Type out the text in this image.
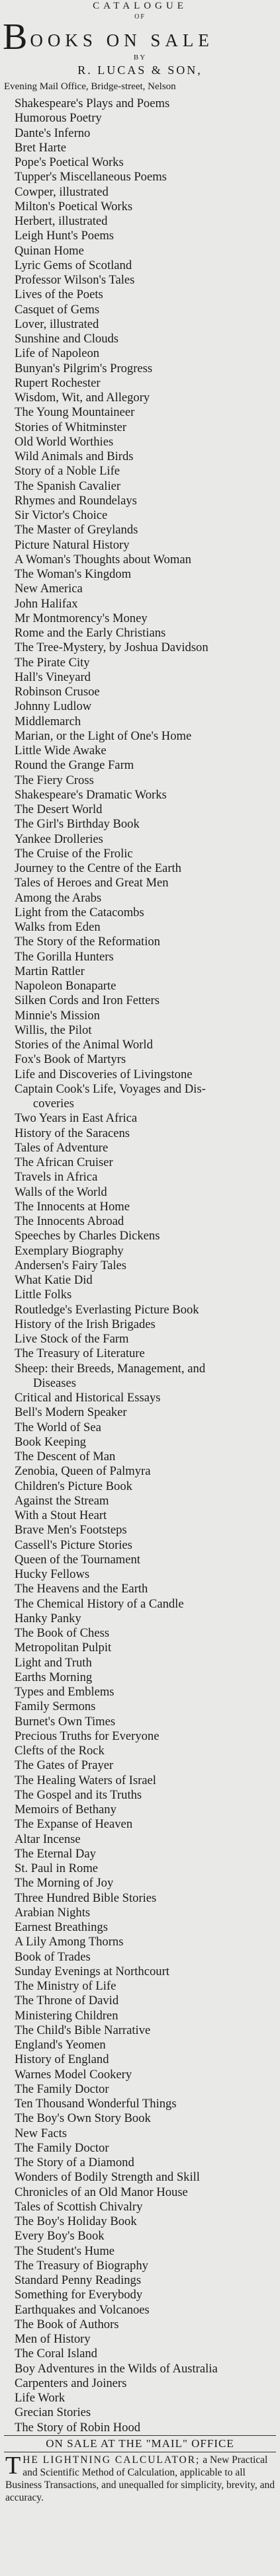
CATALOGUE
OF
B OOKS ON SALE
BY
R. LUCAS & SON,
Evening Mail Office, Bridge-street, Nelson
Shakespeare's Plays and Poems
Humorous Poetry
Dante's Inferno
Bret Harte
Pope's Poetical Works
Tupper's Miscellaneous Poems
Cowper, illustrated
Milton's Poetical Works
Herbert, illustrated
Leigh Hunt's Poems
Quinan Home
Lyric Gems of Scotland
Professor Wilson's Tales
Lives of the Poets
Casquet of Gems
Lover, illustrated
Sunshine and Clouds
Life of Napoleon
Bunyan's Pilgrim's Progress
Rupert Rochester
Wisdom, Wit, and Allegory
The Young Mountaineer
Stories of Whitminster
Old World Worthies
Wild Animals and Birds
Story of a Noble Life
The Spanish Cavalier
Rhymes and Roundelays
Sir Victor's Choice
The Master of Greylands
Picture Natural History
A Woman's Thoughts about Woman
The Woman's Kingdom
New America
John Halifax
Mr Montmorency's Money
Rome and the Early Christians
The Tree-Mystery, by Joshua Davidson
The Pirate City
Hall's Vineyard
Robinson Crusoe
Johnny Ludlow
Middlemarch
Marian, or the Light of One's Home
Little Wide Awake
Round the Grange Farm
The Fiery Cross
Shakespeare's Dramatic Works
The Desert World
The Girl's Birthday Book
Yankee Drolleries
The Cruise of the Frolic
Journey to the Centre of the Earth
Tales of Heroes and Great Men
Among the Arabs
Light from the Catacombs
Walks from Eden
The Story of the Reformation
The Gorilla Hunters
Martin Rattler
Napoleon Bonaparte
Silken Cords and Iron Fetters
Minnie's Mission
Willis, the Pilot
Stories of the Animal World
Fox's Book of Martyrs
Life and Discoveries of Livingstone
Captain Cook's Life, Voyages and Dis-
coveries
Two Years in East Africa
History of the Saracens
Tales of Adventure
The African Cruiser
Travels in Africa
Walls of the World
The Innocents at Home
The Innocents Abroad
Speeches by Charles Dickens
Exemplary Biography
Andersen's Fairy Tales
What Katie Did
Little Folks
Routledge's Everlasting Picture Book
History of the Irish Brigades
Live Stock of the Farm
The Treasury of Literature
Sheep: their Breeds, Management, and
Diseases
Critical and Historical Essays
Bell's Modern Speaker
The World of Sea
Book Keeping
The Descent of Man
Zenobia, Queen of Palmyra
Children's Picture Book
Against the Stream
With a Stout Heart
Brave Men's Footsteps
Cassell's Picture Stories
Queen of the Tournament
Hucky Fellows
The Heavens and the Earth
The Chemical History of a Candle
Hanky Panky
The Book of Chess
Metropolitan Pulpit
Light and Truth
Earths Morning
Types and Emblems
Family Sermons
Burnet's Own Times
Precious Truths for Everyone
Clefts of the Rock
The Gates of Prayer
The Healing Waters of Israel
The Gospel and its Truths
Memoirs of Bethany
The Expanse of Heaven
Altar Incense
The Eternal Day
St. Paul in Rome
The Morning of Joy
Three Hundred Bible Stories
Arabian Nights
Earnest Breathings
A Lily Among Thorns
Book of Trades
Sunday Evenings at Northcourt
The Ministry of Life
The Throne of David
Ministering Children
The Child's Bible Narrative
England's Yeomen
History of England
Warnes Model Cookery
The Family Doctor
Ten Thousand Wonderful Things
The Boy's Own Story Book
New Facts
The Family Doctor
The Story of a Diamond
Wonders of Bodily Strength and Skill
Chronicles of an Old Manor House
Tales of Scottish Chivalry
The Boy's Holiday Book
Every Boy's Book
The Student's Hume
The Treasury of Biography
Standard Penny Readings
Something for Everybody
Earthquakes and Volcanoes
The Book of Authors
Men of History
The Coral Island
Boy Adventures in the Wilds of Australia
Carpenters and Joiners
Life Work
Grecian Stories
The Story of Robin Hood
ON SALE AT THE "MAIL" OFFICE
T HE LIGHTNING CALCULATOR; a New Practical and Scientific Method of Calculation, applicable to all Business Transactions, and unequalled for simplicity, brevity, and accuracy.
